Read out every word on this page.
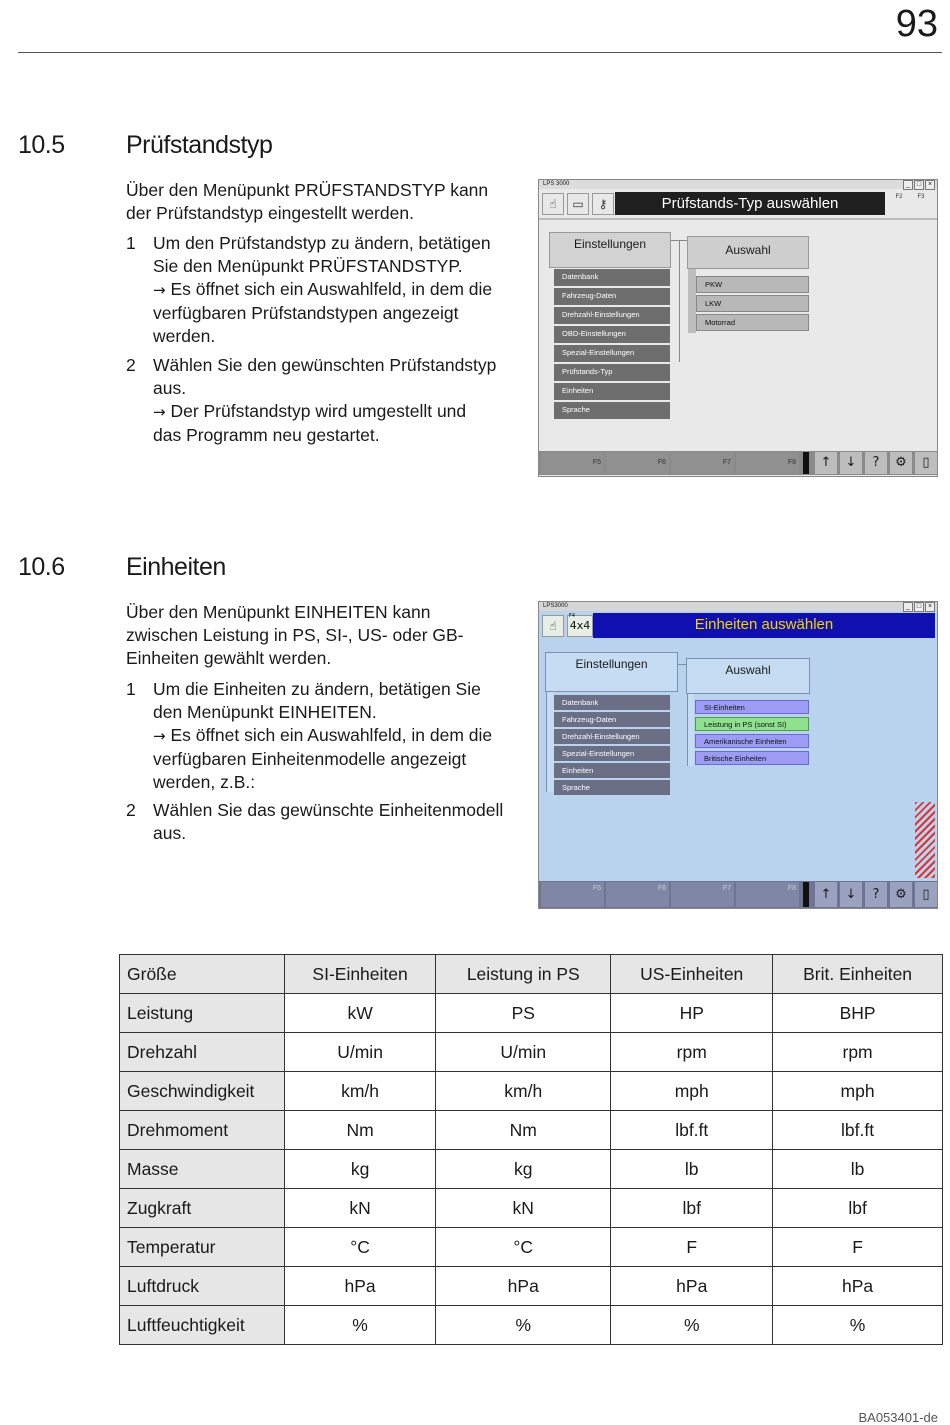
93
10.5 Prüfstandstyp
Über den Menüpunkt PRÜFSTANDSTYP kann
der Prüfstandstyp eingestellt werden.
1 Um den Prüfstandstyp zu ändern, betätigen
Sie den Menüpunkt PRÜFSTANDSTYP.
→ Es öffnet sich ein Auswahlfeld, in dem die
verfügbaren Prüfstandstypen angezeigt
werden.
2 Wählen Sie den gewünschten Prüfstandstyp
aus.
→ Der Prüfstandstyp wird umgestellt und
das Programm neu gestartet.
LPS 3000	_ □ ×
☝	▭	⚷	Prüfstands-Typ auswählen	F2	F3
Einstellungen
Datenbank
Fahrzeug-Daten
Drehzahl-Einstellungen
OBD-Einstellungen
Spezial-Einstellungen
Prüfstands-Typ
Einheiten
Sprache
Auswahl
PKW
LKW
Motorrad
F5	F6	F7	F8	↑	↓	?	⚙	▯
10.6 Einheiten
Über den Menüpunkt EINHEITEN kann
zwischen Leistung in PS, SI-, US- oder GB-
Einheiten gewählt werden.
1 Um die Einheiten zu ändern, betätigen Sie
den Menüpunkt EINHEITEN.
→ Es öffnet sich ein Auswahlfeld, in dem die
verfügbaren Einheitenmodelle angezeigt
werden, z.B.:
2 Wählen Sie das gewünschte Einheitenmodell
aus.
LPS3000	_ □ ×
☝	4x4
F4	Einheiten auswählen
Einstellungen
Datenbank
Fahrzeug-Daten
Drehzahl-Einstellungen
Spezial-Einstellungen
Einheiten
Sprache
Auswahl
SI-Einheiten
Leistung in PS (sonst SI)
Amerikanische Einheiten
Britische Einheiten
F5	F6	F7	F8	↑	↓	?	⚙	▯
Größe	SI-Einheiten	Leistung in PS	US-Einheiten	Brit. Einheiten
Leistung	kW	PS	HP	BHP
Drehzahl	U/min	U/min	rpm	rpm
Geschwindigkeit	km/h	km/h	mph	mph
Drehmoment	Nm	Nm	lbf.ft	lbf.ft
Masse	kg	kg	lb	lb
Zugkraft	kN	kN	lbf	lbf
Temperatur	°C	°C	F	F
Luftdruck	hPa	hPa	hPa	hPa
Luftfeuchtigkeit	%	%	%	%
BA053401-de
